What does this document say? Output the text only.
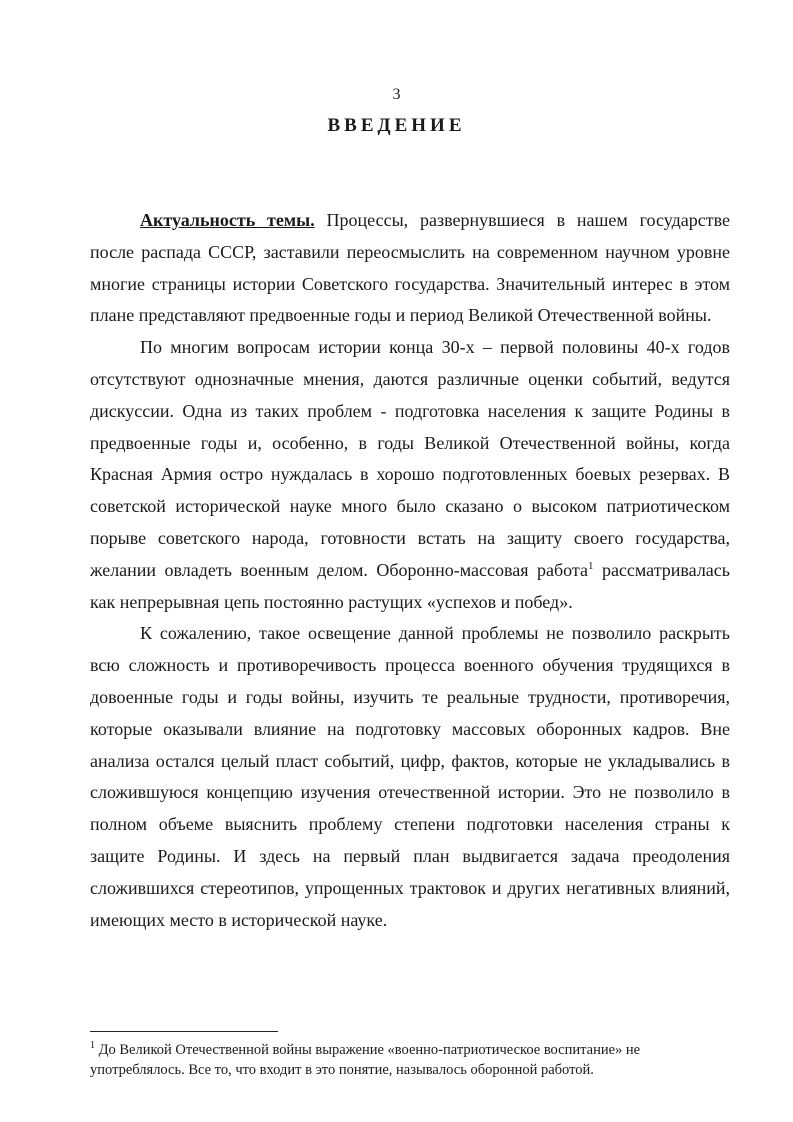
3
ВВЕДЕНИЕ

Актуальность темы. Процессы, развернувшиеся в нашем государстве после распада СССР, заставили переосмыслить на современном научном уровне многие страницы истории Советского государства. Значительный интерес в этом плане представляют предвоенные годы и период Великой Отечественной войны.

По многим вопросам истории конца 30-х – первой половины 40-х годов отсутствуют однозначные мнения, даются различные оценки событий, ведутся дискуссии. Одна из таких проблем - подготовка населения к защите Родины в предвоенные годы и, особенно, в годы Великой Отечественной войны, когда Красная Армия остро нуждалась в хорошо подготовленных боевых резервах. В советской исторической науке много было сказано о высоком патриотическом порыве советского народа, готовности встать на защиту своего государства, желании овладеть военным делом. Оборонно-массовая работа$^1$ рассматривалась как непрерывная цепь постоянно растущих «успехов и побед».

К сожалению, такое освещение данной проблемы не позволило раскрыть всю сложность и противоречивость процесса военного обучения трудящихся в довоенные годы и годы войны, изучить те реальные трудности, противоречия, которые оказывали влияние на подготовку массовых оборонных кадров. Вне анализа остался целый пласт событий, цифр, фактов, которые не укладывались в сложившуюся концепцию изучения отечественной истории. Это не позволило в полном объеме выяснить проблему степени подготовки населения страны к защите Родины. И здесь на первый план выдвигается задача преодоления сложившихся стереотипов, упрощенных трактовок и других негативных влияний, имеющих место в исторической науке.

$^1$ До Великой Отечественной войны выражение «военно-патриотическое воспитание» не употреблялось. Все то, что входит в это понятие, называлось оборонной работой.
